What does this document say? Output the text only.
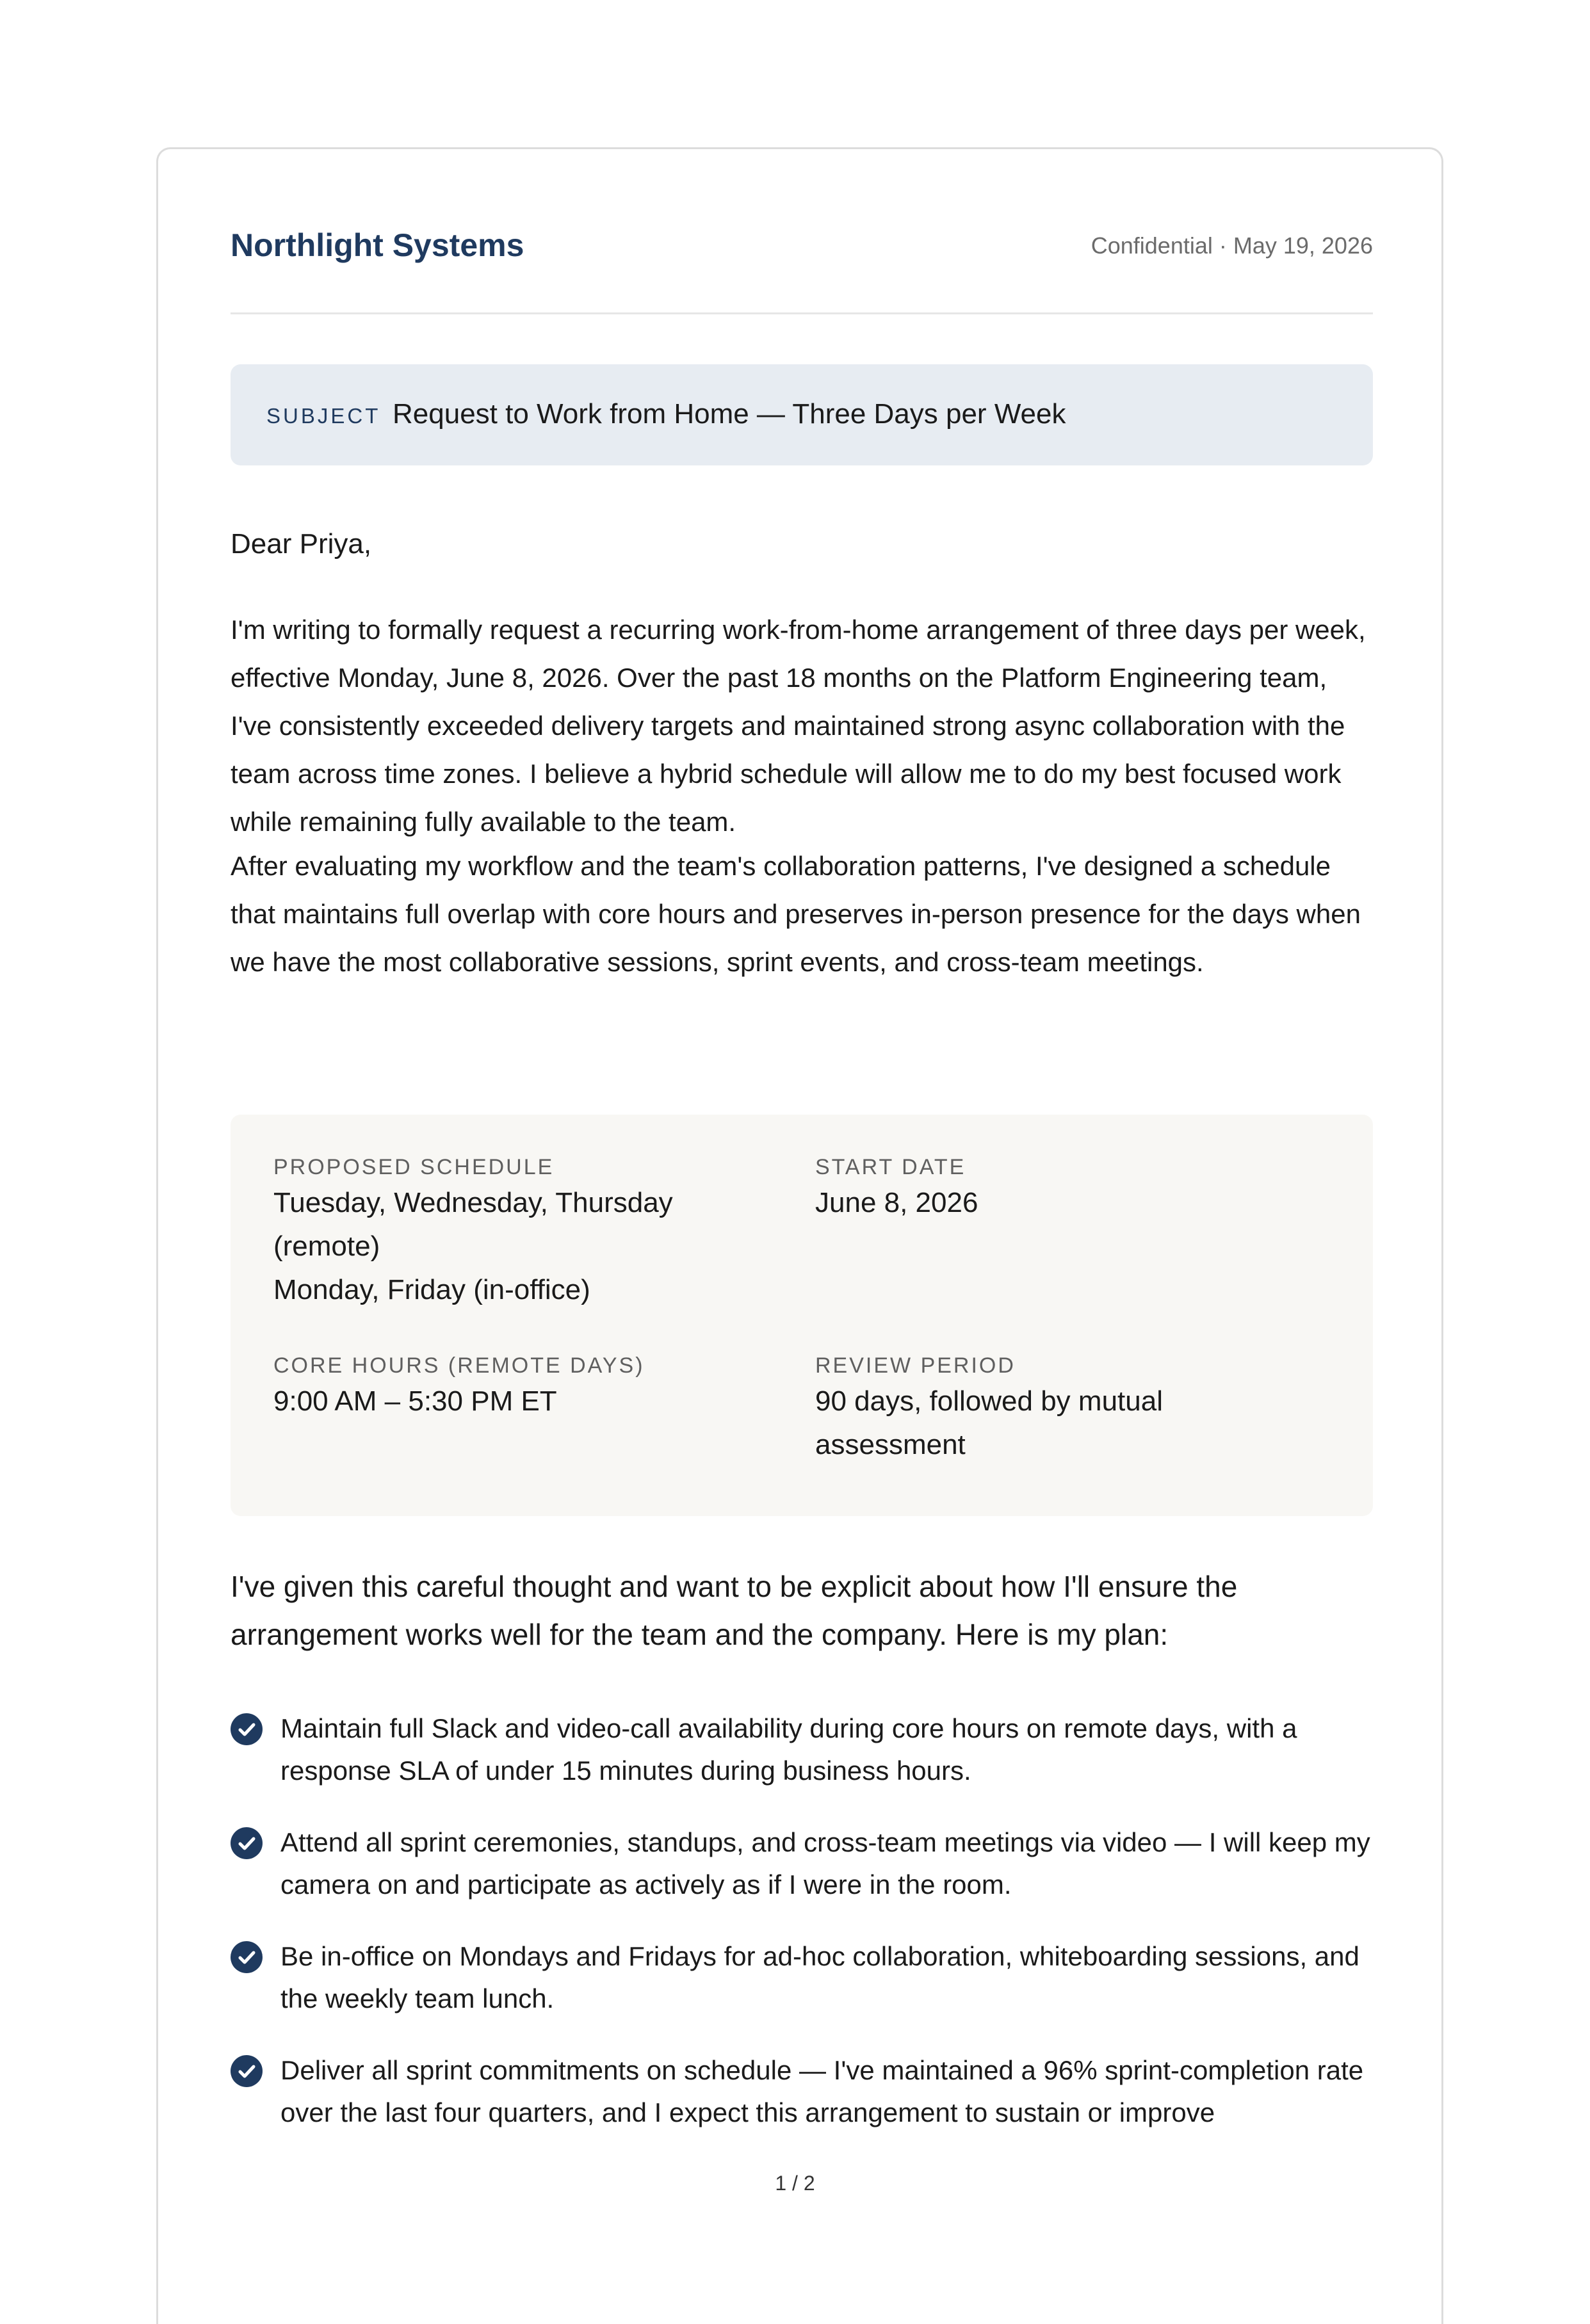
Northlight Systems	Confidential · May 19, 2026
SUBJECT Request to Work from Home — Three Days per Week
Dear Priya,
I'm writing to formally request a recurring work-from-home arrangement of three days per week, effective Monday, June 8, 2026. Over the past 18 months on the Platform Engineering team, I've consistently exceeded delivery targets and maintained strong async collaboration with the team across time zones. I believe a hybrid schedule will allow me to do my best focused work while remaining fully available to the team.
After evaluating my workflow and the team's collaboration patterns, I've designed a schedule that maintains full overlap with core hours and preserves in-person presence for the days when we have the most collaborative sessions, sprint events, and cross-team meetings.
PROPOSED SCHEDULE
Tuesday, Wednesday, Thursday (remote)
Monday, Friday (in-office)
START DATE
June 8, 2026
CORE HOURS (REMOTE DAYS)
9:00 AM – 5:30 PM ET
REVIEW PERIOD
90 days, followed by mutual assessment
I've given this careful thought and want to be explicit about how I'll ensure the arrangement works well for the team and the company. Here is my plan:
Maintain full Slack and video-call availability during core hours on remote days, with a response SLA of under 15 minutes during business hours.
Attend all sprint ceremonies, standups, and cross-team meetings via video — I will keep my camera on and participate as actively as if I were in the room.
Be in-office on Mondays and Fridays for ad-hoc collaboration, whiteboarding sessions, and the weekly team lunch.
Deliver all sprint commitments on schedule — I've maintained a 96% sprint-completion rate over the last four quarters, and I expect this arrangement to sustain or improve
1 / 2
